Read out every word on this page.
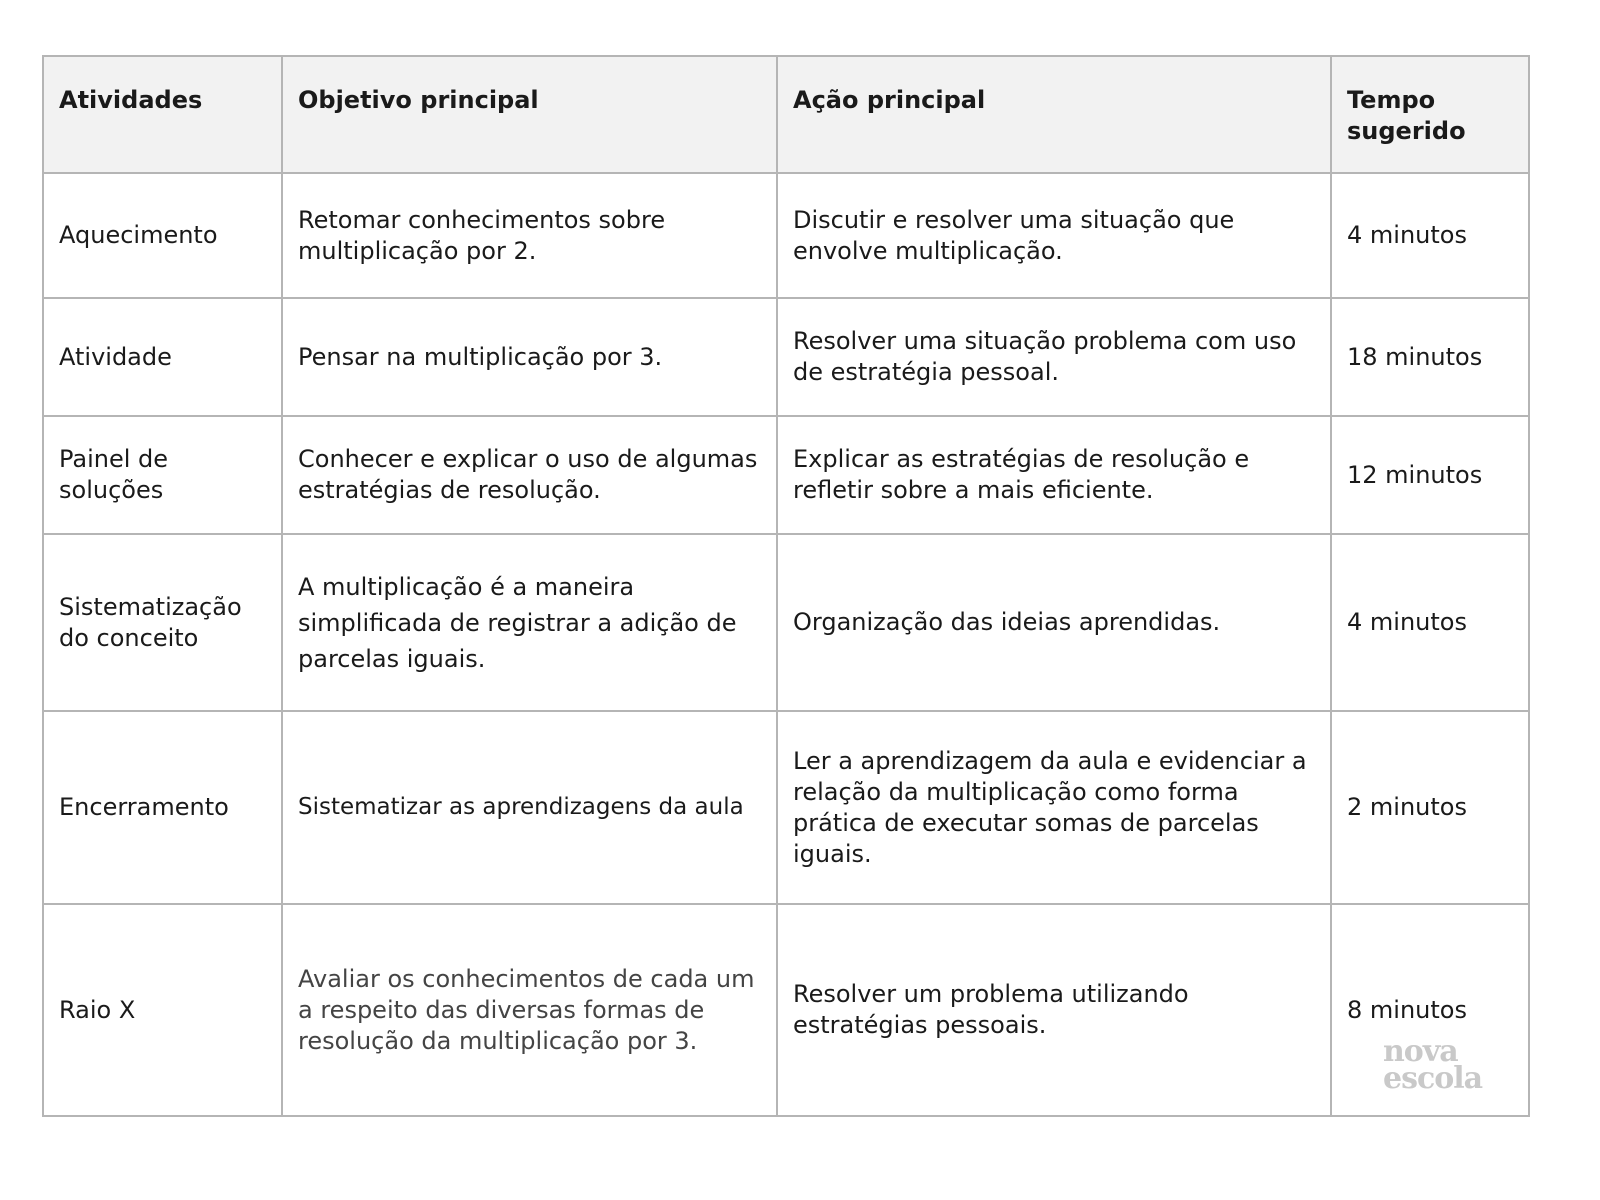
Atividades	Objetivo principal	Ação principal	Tempo sugerido
Aquecimento	Retomar conhecimentos sobre multiplicação por 2.	Discutir e resolver uma situação que envolve multiplicação.	4 minutos
Atividade	Pensar na multiplicação por 3.	Resolver uma situação problema com uso de estratégia pessoal.	18 minutos
Painel de soluções	Conhecer e explicar o uso de algumas estratégias de resolução.	Explicar as estratégias de resolução e refletir sobre a mais eficiente.	12 minutos
Sistematização do conceito	A multiplicação é a maneira simplificada de registrar a adição de parcelas iguais.	Organização das ideias aprendidas.	4 minutos
Encerramento	Sistematizar as aprendizagens da aula	Ler a aprendizagem da aula e evidenciar a relação da multiplicação como forma prática de executar somas de parcelas iguais.	2 minutos
Raio X	Avaliar os conhecimentos de cada um a respeito das diversas formas de resolução da multiplicação por 3.	Resolver um problema utilizando estratégias pessoais.	8 minutos
nova
escola
